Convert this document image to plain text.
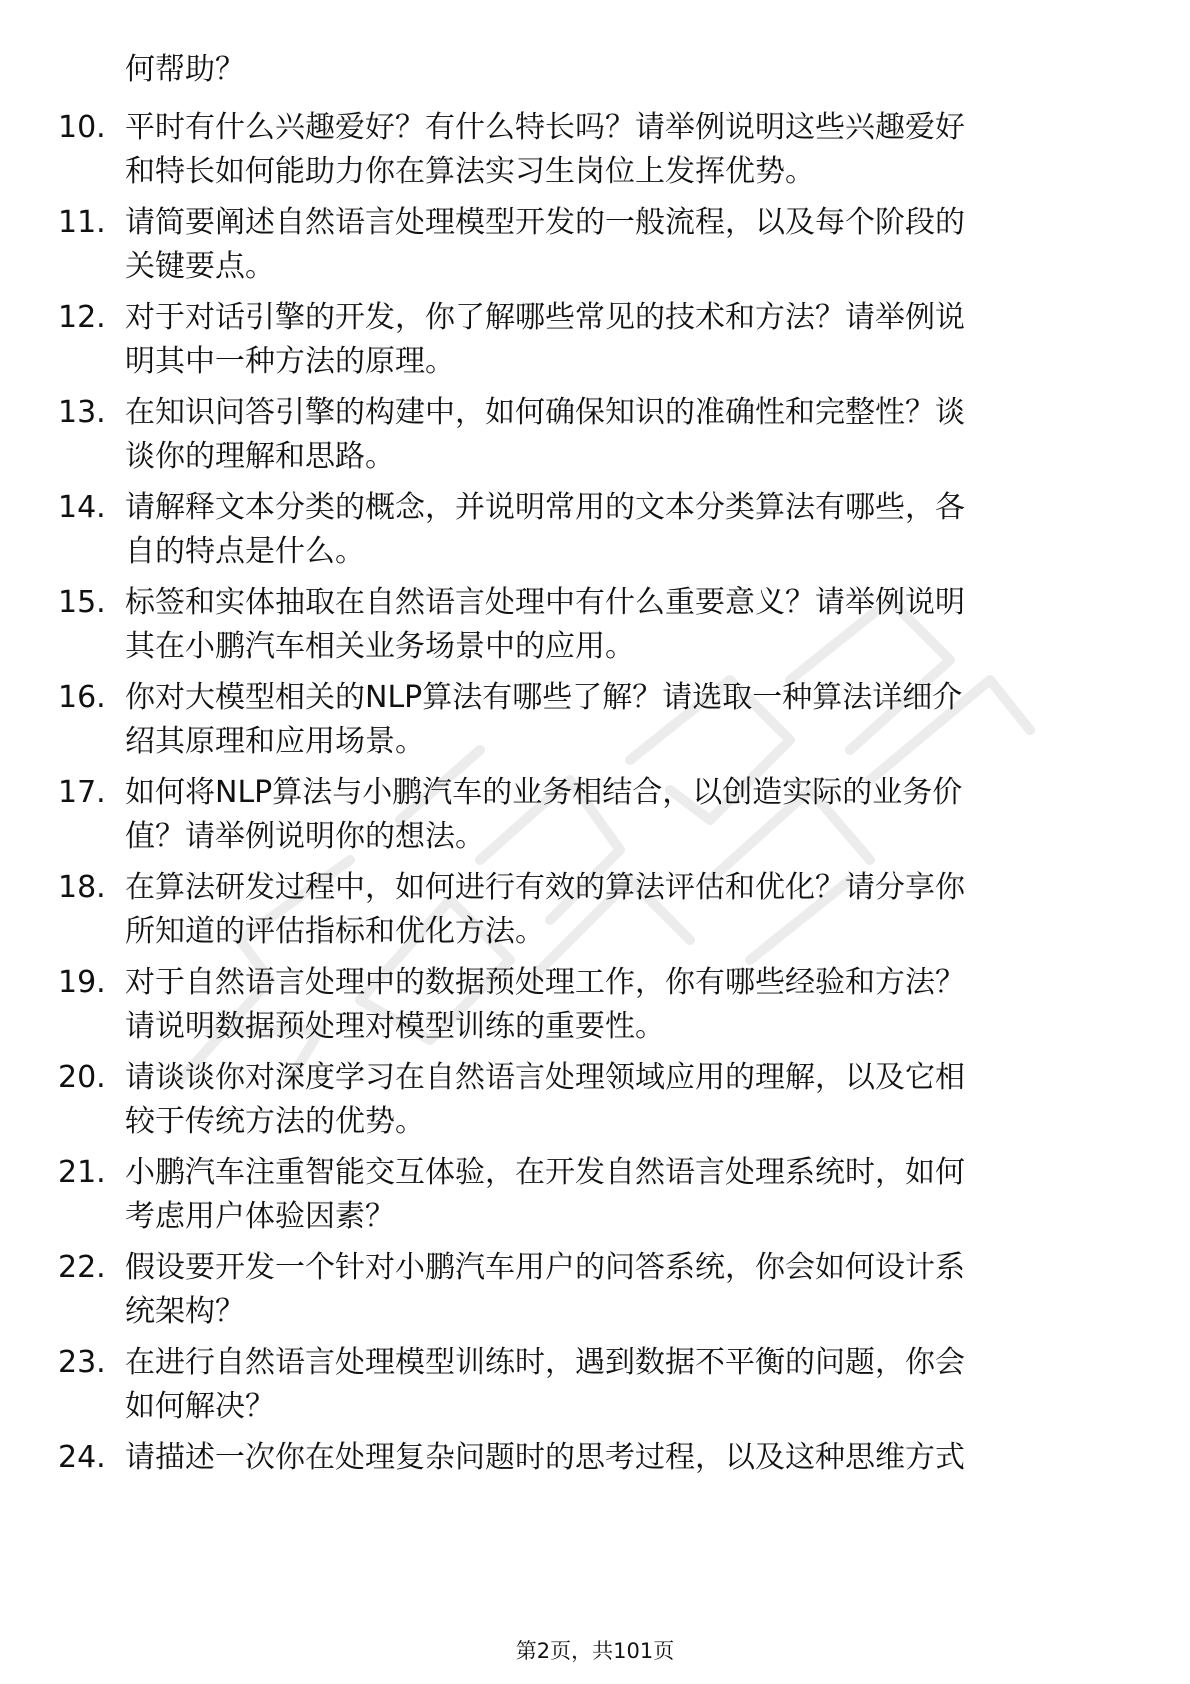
何帮助？
10. 平时有什么兴趣爱好？有什么特长吗？请举例说明这些兴趣爱好
和特长如何能助力你在算法实习生岗位上发挥优势。
11. 请简要阐述自然语言处理模型开发的一般流程，以及每个阶段的
关键要点。
12. 对于对话引擎的开发，你了解哪些常见的技术和方法？请举例说
明其中一种方法的原理。
13. 在知识问答引擎的构建中，如何确保知识的准确性和完整性？谈
谈你的理解和思路。
14. 请解释文本分类的概念，并说明常用的文本分类算法有哪些，各
自的特点是什么。
15. 标签和实体抽取在自然语言处理中有什么重要意义？请举例说明
其在小鹏汽车相关业务场景中的应用。
16. 你对大模型相关的NLP算法有哪些了解？请选取一种算法详细介
绍其原理和应用场景。
17. 如何将NLP算法与小鹏汽车的业务相结合，以创造实际的业务价
值？请举例说明你的想法。
18. 在算法研发过程中，如何进行有效的算法评估和优化？请分享你
所知道的评估指标和优化方法。
19. 对于自然语言处理中的数据预处理工作，你有哪些经验和方法？
请说明数据预处理对模型训练的重要性。
20. 请谈谈你对深度学习在自然语言处理领域应用的理解，以及它相
较于传统方法的优势。
21. 小鹏汽车注重智能交互体验，在开发自然语言处理系统时，如何
考虑用户体验因素？
22. 假设要开发一个针对小鹏汽车用户的问答系统，你会如何设计系
统架构？
23. 在进行自然语言处理模型训练时，遇到数据不平衡的问题，你会
如何解决？
24. 请描述一次你在处理复杂问题时的思考过程，以及这种思维方式
第2页，共101页
